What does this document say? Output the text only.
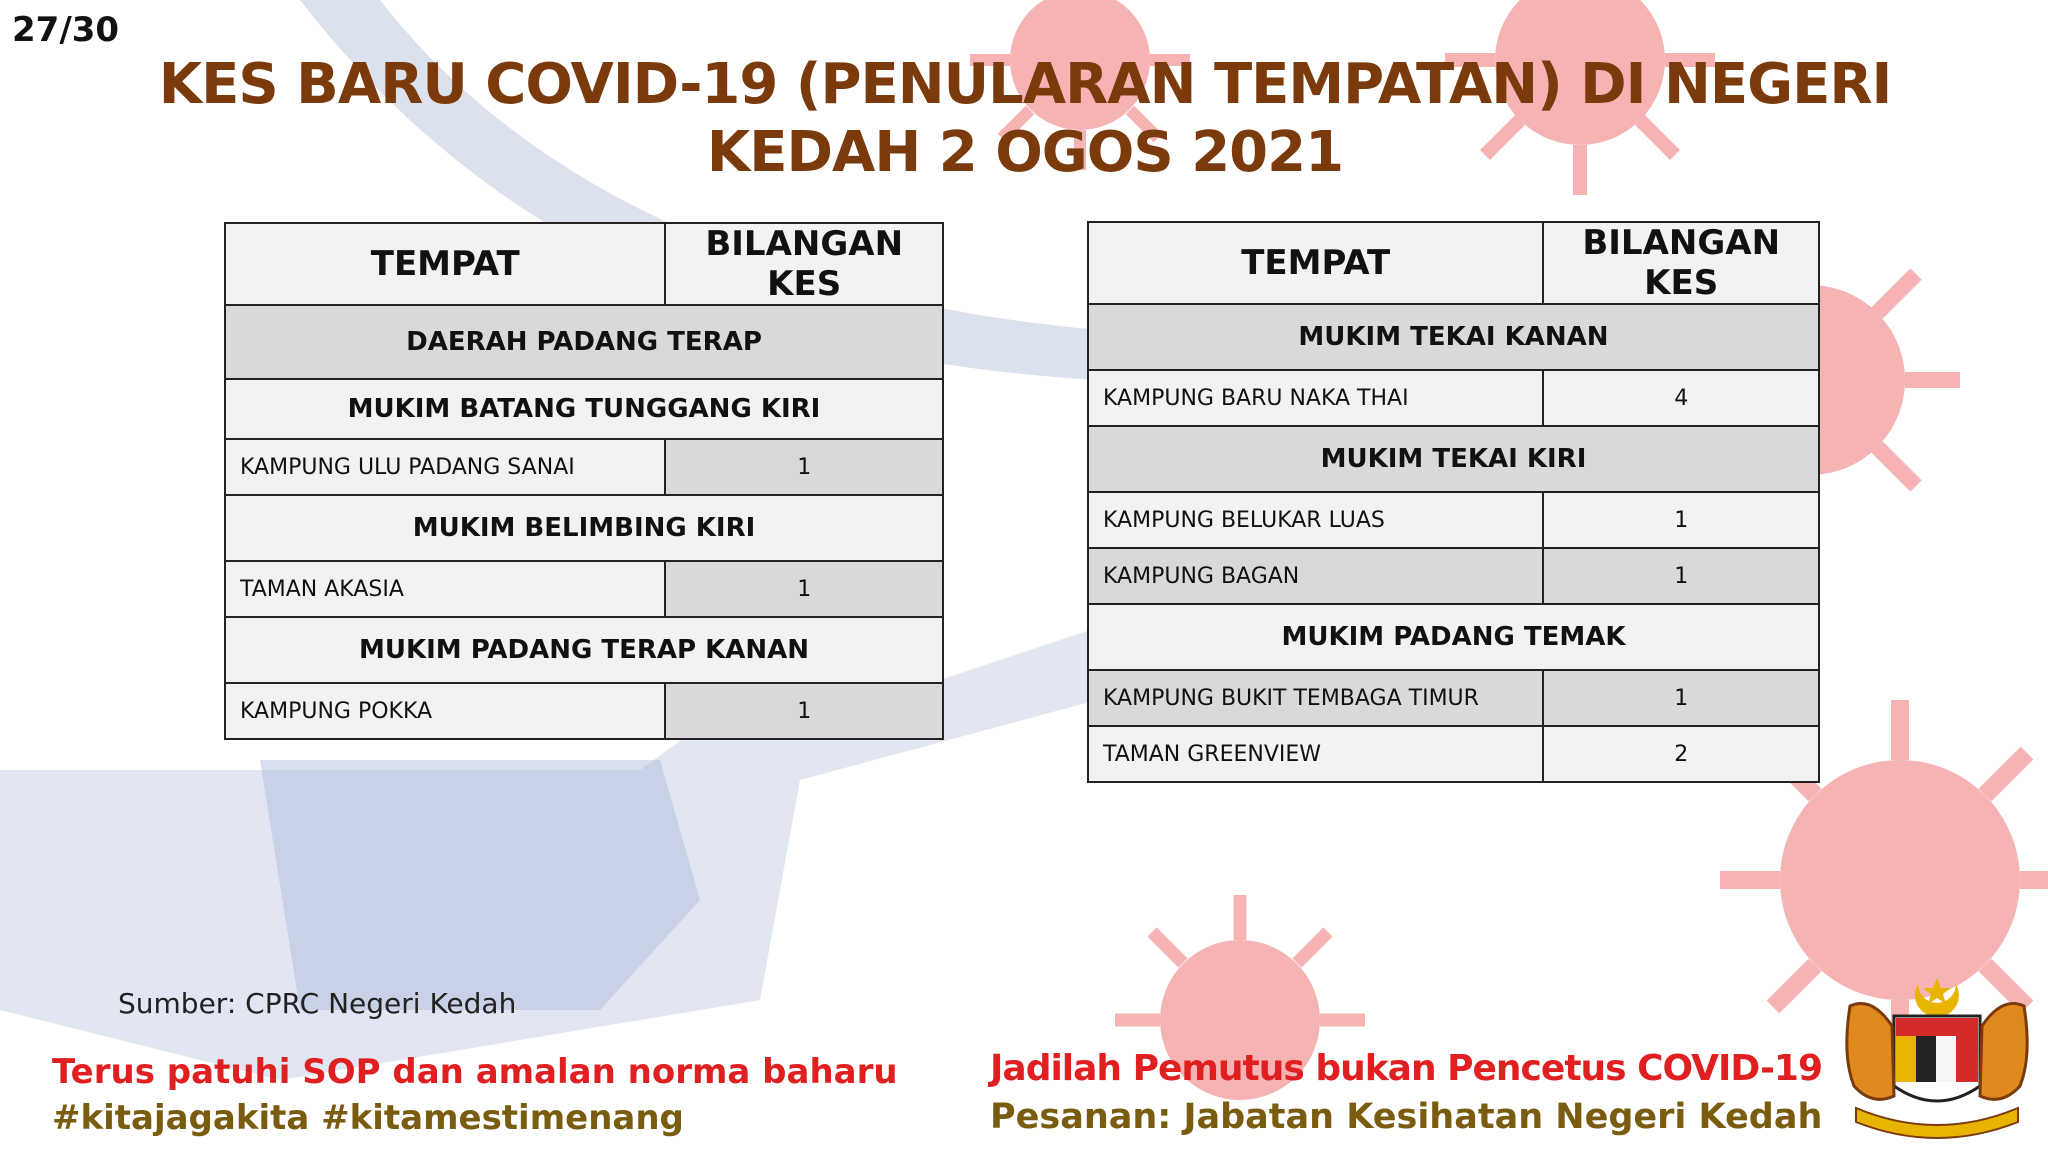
27/30
KES BARU COVID-19 (PENULARAN TEMPATAN) DI NEGERI
KEDAH 2 OGOS 2021
TEMPAT	BILANGAN KES
DAERAH PADANG TERAP	
MUKIM BATANG TUNGGANG KIRI	
KAMPUNG ULU PADANG SANAI	1
MUKIM BELIMBING KIRI	
TAMAN AKASIA	1
MUKIM PADANG TERAP KANAN	
KAMPUNG POKKA	1
TEMPAT	BILANGAN KES
MUKIM TEKAI KANAN	
KAMPUNG BARU NAKA THAI	4
MUKIM TEKAI KIRI	
KAMPUNG BELUKAR LUAS	1
KAMPUNG BAGAN	1
MUKIM PADANG TEMAK	
KAMPUNG BUKIT TEMBAGA TIMUR	1
TAMAN GREENVIEW	2
Sumber: CPRC Negeri Kedah
Terus patuhi SOP dan amalan norma baharu
#kitajagakita #kitamestimenang
Jadilah Pemutus bukan Pencetus COVID-19
Pesanan: Jabatan Kesihatan Negeri Kedah
